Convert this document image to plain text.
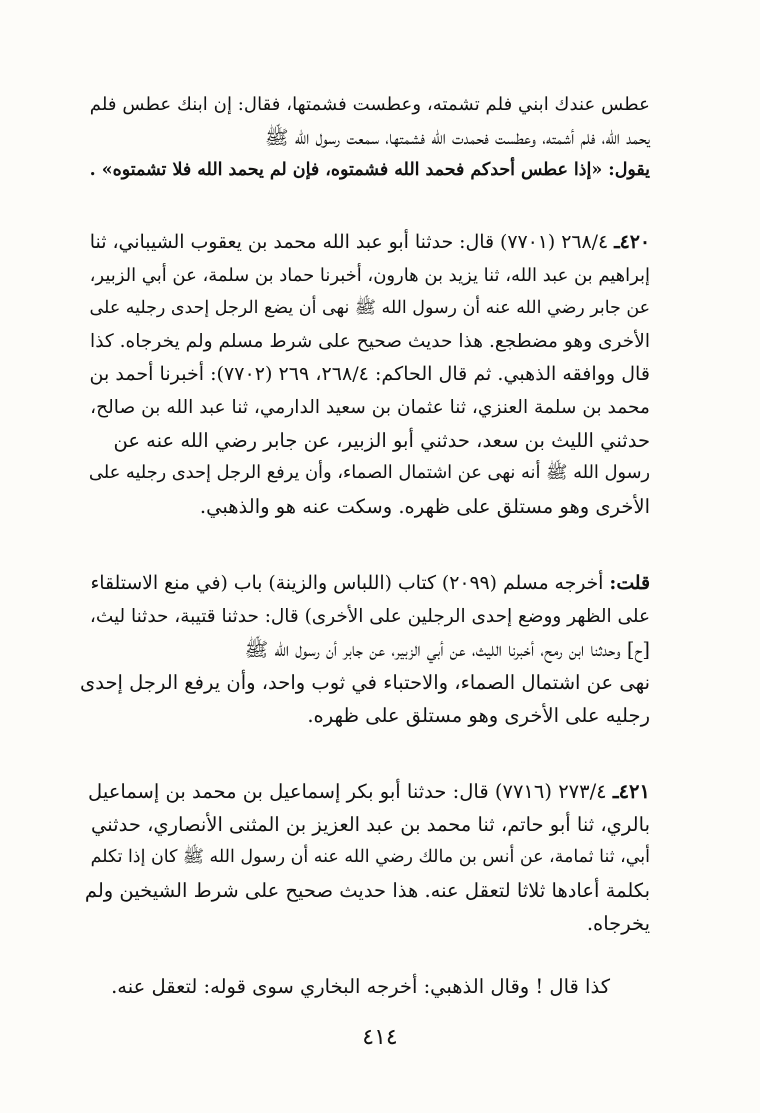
عطس عندك ابني فلم تشمته، وعطست فشمتها، فقال: إن ابنك عطس فلم
يحمد الله، فلم أشمته، وعطست فحمدت الله فشمتها، سمعت رسول الله ﷺ
يقول: «إذا عطس أحدكم فحمد الله فشمتوه، فإن لم يحمد الله فلا تشمتوه» .
٤٢٠ـ ٢٦٨/٤ (٧٧٠١) قال: حدثنا أبو عبد الله محمد بن يعقوب الشيباني، ثنا
إبراهيم بن عبد الله، ثنا يزيد بن هارون، أخبرنا حماد بن سلمة، عن أبي الزبير،
عن جابر رضي الله عنه أن رسول الله ﷺ نهى أن يضع الرجل إحدى رجليه على
الأخرى وهو مضطجع. هذا حديث صحيح على شرط مسلم ولم يخرجاه. كذا
قال ووافقه الذهبي. ثم قال الحاكم: ٢٦٨/٤، ٢٦٩ (٧٧٠٢): أخبرنا أحمد بن
محمد بن سلمة العنزي، ثنا عثمان بن سعيد الدارمي، ثنا عبد الله بن صالح،
حدثني الليث بن سعد، حدثني أبو الزبير، عن جابر رضي الله عنه عن
رسول الله ﷺ أنه نهى عن اشتمال الصماء، وأن يرفع الرجل إحدى رجليه على
الأخرى وهو مستلق على ظهره. وسكت عنه هو والذهبي.
قلت: أخرجه مسلم (٢٠٩٩) كتاب (اللباس والزينة) باب (في منع الاستلقاء
على الظهر ووضع إحدى الرجلين على الأخرى) قال: حدثنا قتيبة، حدثنا ليث،
[ح] وحدثنا ابن رمح، أخبرنا الليث، عن أبي الزبير، عن جابر أن رسول الله ﷺ
نهى عن اشتمال الصماء، والاحتباء في ثوب واحد، وأن يرفع الرجل إحدى
رجليه على الأخرى وهو مستلق على ظهره.
٤٢١ـ ٢٧٣/٤ (٧٧١٦) قال: حدثنا أبو بكر إسماعيل بن محمد بن إسماعيل
بالري، ثنا أبو حاتم، ثنا محمد بن عبد العزيز بن المثنى الأنصاري، حدثني
أبي، ثنا ثمامة، عن أنس بن مالك رضي الله عنه أن رسول الله ﷺ كان إذا تكلم
بكلمة أعادها ثلاثا لتعقل عنه. هذا حديث صحيح على شرط الشيخين ولم
يخرجاه.
كذا قال ! وقال الذهبي: أخرجه البخاري سوى قوله: لتعقل عنه.
٤١٤
